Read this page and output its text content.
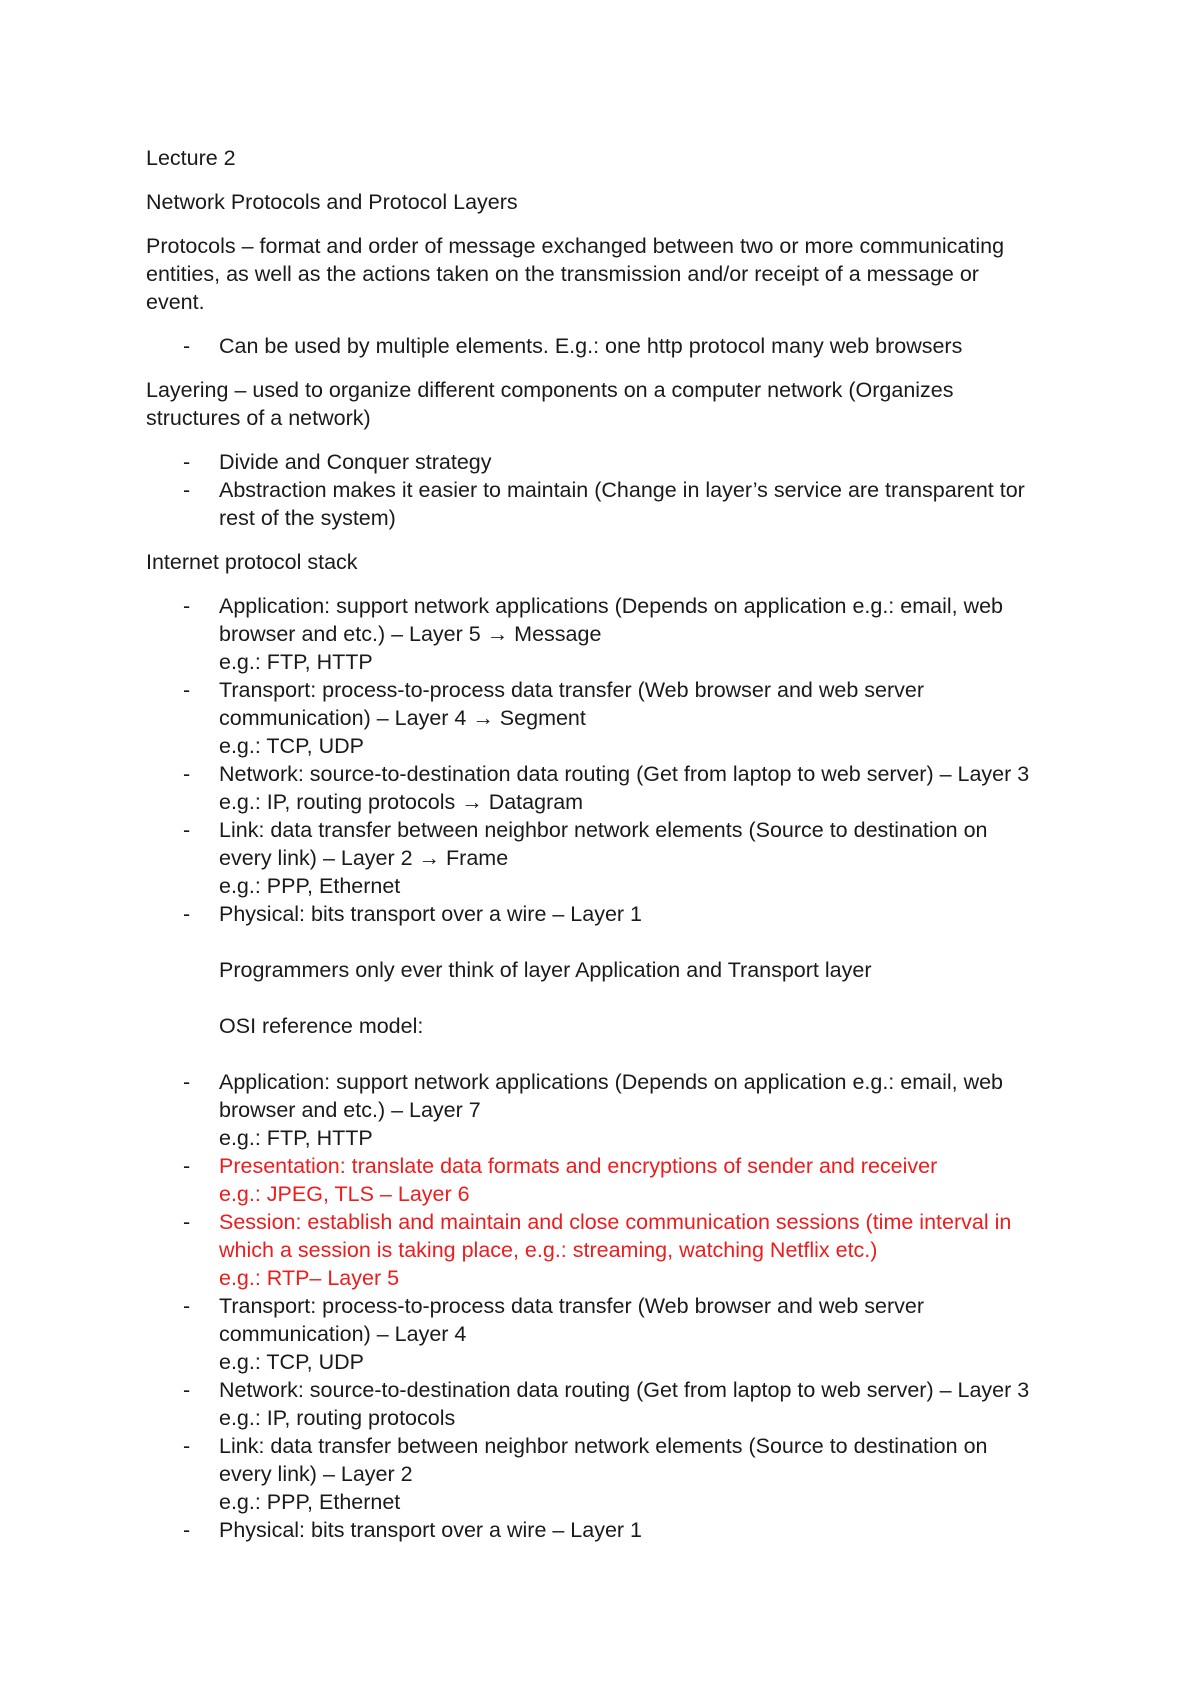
Lecture 2
Network Protocols and Protocol Layers
Protocols – format and order of message exchanged between two or more communicating
entities, as well as the actions taken on the transmission and/or receipt of a message or
event.
- Can be used by multiple elements. E.g.: one http protocol many web browsers
Layering – used to organize different components on a computer network (Organizes
structures of a network)
- Divide and Conquer strategy
- Abstraction makes it easier to maintain (Change in layer’s service are transparent tor
rest of the system)
Internet protocol stack
- Application: support network applications (Depends on application e.g.: email, web
browser and etc.) – Layer 5 → Message
e.g.: FTP, HTTP
- Transport: process-to-process data transfer (Web browser and web server
communication) – Layer 4 → Segment
e.g.: TCP, UDP
- Network: source-to-destination data routing (Get from laptop to web server) – Layer 3
e.g.: IP, routing protocols → Datagram
- Link: data transfer between neighbor network elements (Source to destination on
every link) – Layer 2 → Frame
e.g.: PPP, Ethernet
- Physical: bits transport over a wire – Layer 1
Programmers only ever think of layer Application and Transport layer
OSI reference model:
- Application: support network applications (Depends on application e.g.: email, web
browser and etc.) – Layer 7
e.g.: FTP, HTTP
- Presentation: translate data formats and encryptions of sender and receiver
e.g.: JPEG, TLS – Layer 6
- Session: establish and maintain and close communication sessions (time interval in
which a session is taking place, e.g.: streaming, watching Netflix etc.)
e.g.: RTP– Layer 5
- Transport: process-to-process data transfer (Web browser and web server
communication) – Layer 4
e.g.: TCP, UDP
- Network: source-to-destination data routing (Get from laptop to web server) – Layer 3
e.g.: IP, routing protocols
- Link: data transfer between neighbor network elements (Source to destination on
every link) – Layer 2
e.g.: PPP, Ethernet
- Physical: bits transport over a wire – Layer 1
